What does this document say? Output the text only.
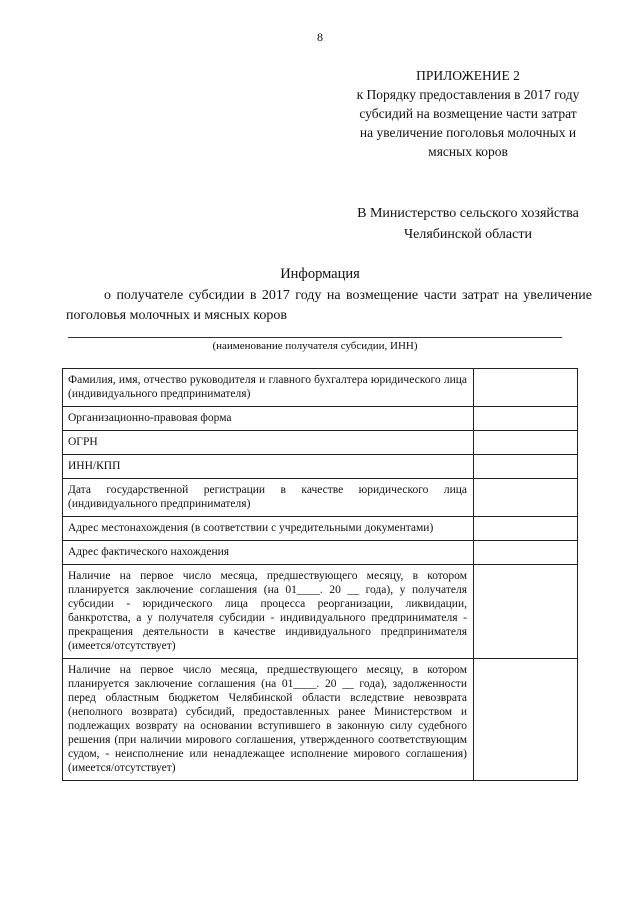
8
ПРИЛОЖЕНИЕ 2
к Порядку предоставления в 2017 году
субсидий на возмещение части затрат
на увеличение поголовья молочных и
мясных коров
В Министерство сельского хозяйства
Челябинской области
Информация
о получателе субсидии в 2017 году на возмещение части затрат на увеличение поголовья молочных и мясных коров
(наименование получателя субсидии, ИНН)
Фамилия, имя, отчество руководителя и главного бухгалтера юридического лица (индивидуального предпринимателя)	
Организационно-правовая форма	
ОГРН	
ИНН/КПП	
Дата государственной регистрации в качестве юридического лица (индивидуального предпринимателя)	
Адрес местонахождения (в соответствии с учредительными документами)	
Адрес фактического нахождения	
Наличие на первое число месяца, предшествующего месяцу, в котором планируется заключение соглашения (на 01____. 20 __ года), у получателя субсидии - юридического лица процесса реорганизации, ликвидации, банкротства, а у получателя субсидии - индивидуального предпринимателя - прекращения деятельности в качестве индивидуального предпринимателя (имеется/отсутствует)	
Наличие на первое число месяца, предшествующего месяцу, в котором планируется заключение соглашения (на 01____. 20 __ года), задолженности перед областным бюджетом Челябинской области вследствие невозврата (неполного возврата) субсидий, предоставленных ранее Министерством и подлежащих возврату на основании вступившего в законную силу судебного решения (при наличии мирового соглашения, утвержденного соответствующим судом, - неисполнение или ненадлежащее исполнение мирового соглашения) (имеется/отсутствует)	
